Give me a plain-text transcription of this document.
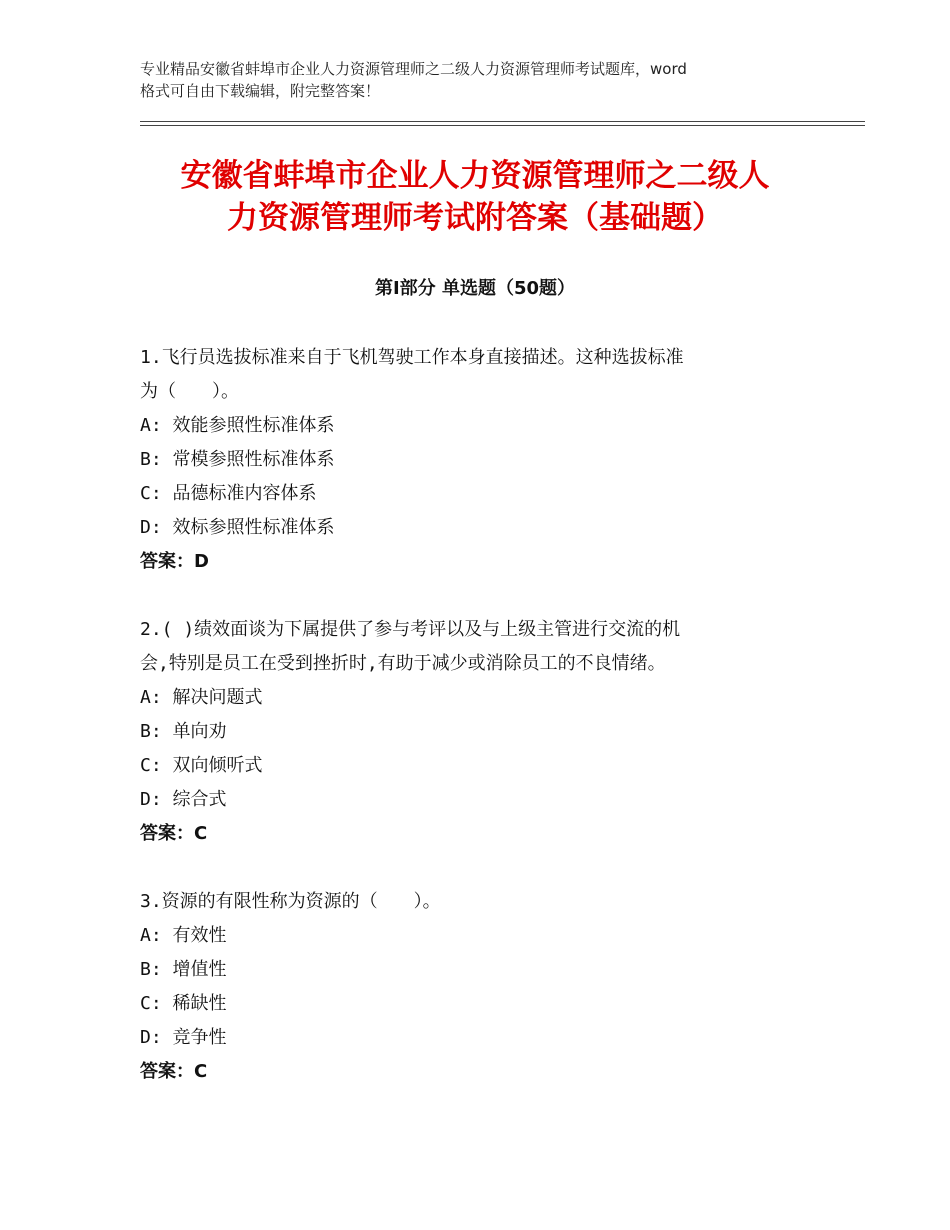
专业精品安徽省蚌埠市企业人力资源管理师之二级人力资源管理师考试题库，word
格式可自由下载编辑，附完整答案！
安徽省蚌埠市企业人力资源管理师之二级人
力资源管理师考试附答案（基础题）
第Ⅰ部分 单选题（50题）
1.飞行员选拔标准来自于飞机驾驶工作本身直接描述。这种选拔标准
为（　　）。
A: 效能参照性标准体系
B: 常模参照性标准体系
C: 品德标准内容体系
D: 效标参照性标准体系
答案：D
2.( )绩效面谈为下属提供了参与考评以及与上级主管进行交流的机
会,特别是员工在受到挫折时,有助于减少或消除员工的不良情绪。
A: 解决问题式
B: 单向劝
C: 双向倾听式
D: 综合式
答案：C
3.资源的有限性称为资源的（　　）。
A: 有效性
B: 增值性
C: 稀缺性
D: 竞争性
答案：C
